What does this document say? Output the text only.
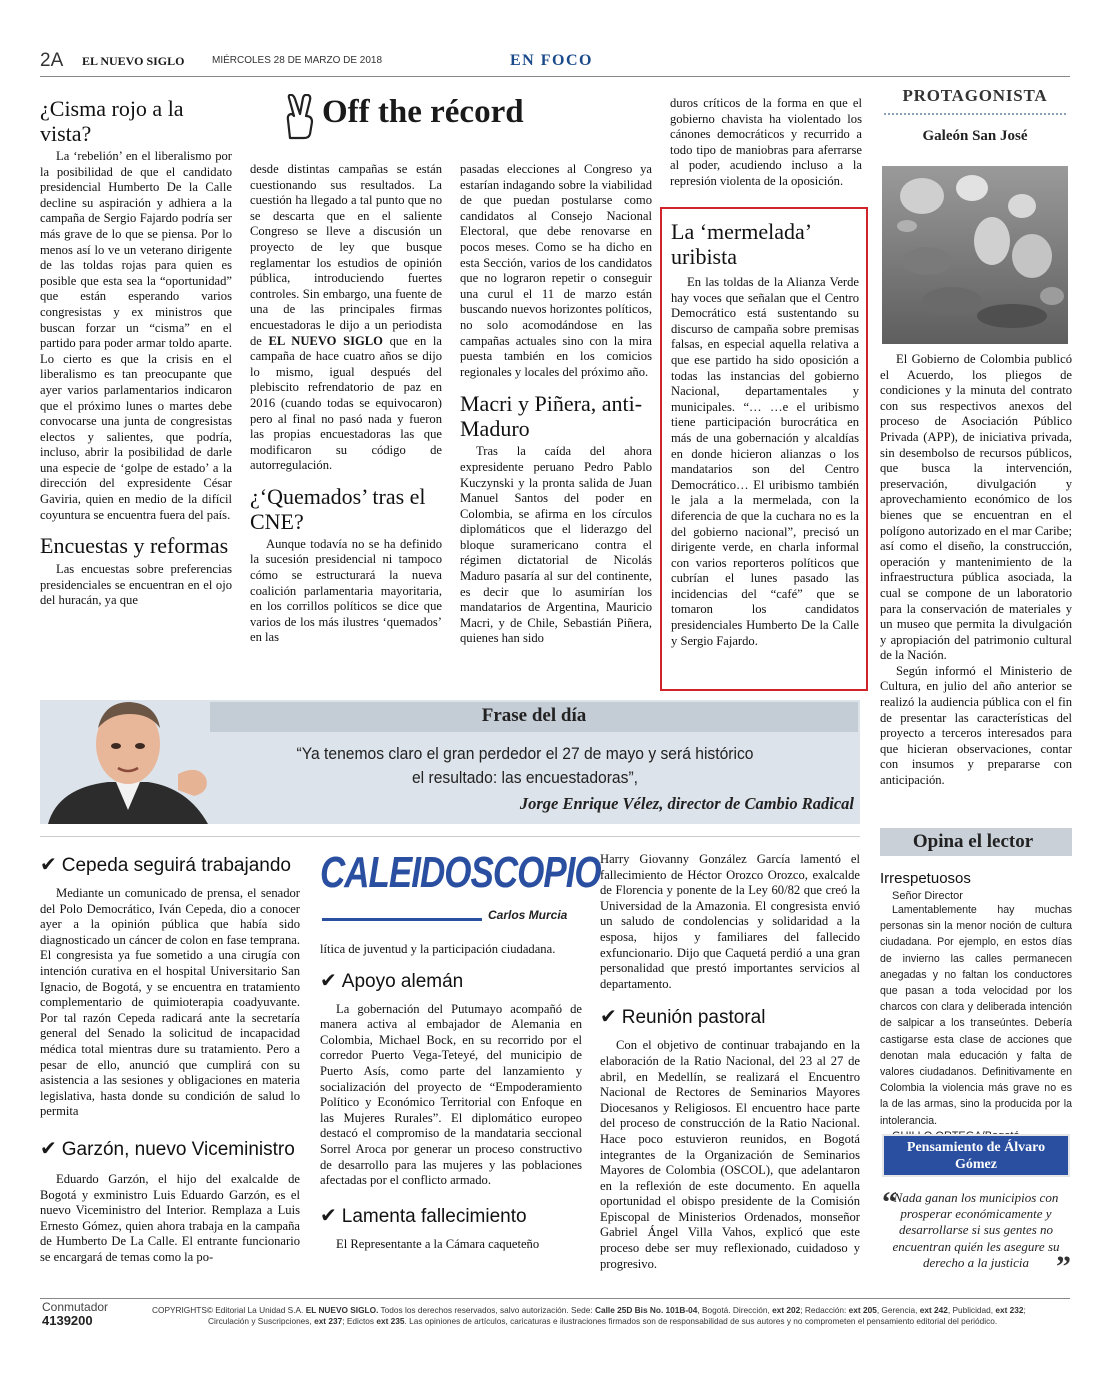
2A EL NUEVO SIGLO	MIÉRCOLES 28 DE MARZO DE 2018	EN FOCO
¿Cisma rojo a la vista?

La ‘rebelión’ en el liberalismo por la posibilidad de que el candidato presidencial Humberto De la Calle decline su aspiración y adhiera a la campaña de Sergio Fajardo podría ser más grave de lo que se piensa. Por lo menos así lo ve un veterano dirigente de las toldas rojas para quien es posible que esta sea la “oportunidad” que están esperando varios congresistas y ex ministros que buscan forzar un “cisma” en el partido para poder armar toldo aparte. Lo cierto es que la crisis en el liberalismo es tan preocupante que ayer varios parlamentarios indicaron que el próximo lunes o martes debe convocarse una junta de congresistas electos y salientes, que podría, incluso, abrir la posibilidad de darle una especie de ‘golpe de estado’ a la dirección del expresidente César Gaviria, quien en medio de la difícil coyuntura se encuentra fuera del país.

Encuestas y reformas

Las encuestas sobre preferencias presidenciales se encuentran en el ojo del huracán, ya que

Off the récord
desde distintas campañas se están cuestionando sus resultados. La cuestión ha llegado a tal punto que no se descarta que en el saliente Congreso se lleve a discusión un proyecto de ley que busque reglamentar los estudios de opinión pública, introduciendo fuertes controles. Sin embargo, una fuente de una de las principales firmas encuestadoras le dijo a un periodista de EL NUEVO SIGLO que en la campaña de hace cuatro años se dijo lo mismo, igual después del plebiscito refrendatorio de paz en 2016 (cuando todas se equivocaron) pero al final no pasó nada y fueron las propias encuestadoras las que modificaron su código de autorregulación.
¿‘Quemados’ tras el CNE?

Aunque todavía no se ha definido la sucesión presidencial ni tampoco cómo se estructurará la nueva coalición parlamentaria mayoritaria, en los corrillos políticos se dice que varios de los más ilustres ‘quemados’ en las

pasadas elecciones al Congreso ya estarían indagando sobre la viabilidad de que puedan postularse como candidatos al Consejo Nacional Electoral, que debe renovarse en pocos meses. Como se ha dicho en esta Sección, varios de los candidatos que no lograron repetir o conseguir una curul el 11 de marzo están buscando nuevos horizontes políticos, no solo acomodándose en las campañas actuales sino con la mira puesta también en los comicios regionales y locales del próximo año.
Macri y Piñera, anti-Maduro

Tras la caída del ahora expresidente peruano Pedro Pablo Kuczynski y la pronta salida de Juan Manuel Santos del poder en Colombia, se afirma en los círculos diplomáticos que el liderazgo del bloque suramericano contra el régimen dictatorial de Nicolás Maduro pasaría al sur del continente, es decir que lo asumirían los mandatarios de Argentina, Mauricio Macri, y de Chile, Sebastián Piñera, quienes han sido

duros críticos de la forma en que el gobierno chavista ha violentado los cánones democráticos y recurrido a todo tipo de maniobras para aferrarse al poder, acudiendo incluso a la represión violenta de la oposición.
La ‘mermelada’ uribista

En las toldas de la Alianza Verde hay voces que señalan que el Centro Democrático está sustentando su discurso de campaña sobre premisas falsas, en especial aquella relativa a que ese partido ha sido oposición a todas las instancias del gobierno Nacional, departamentales y municipales. “… …e el uribismo tiene participación burocrática en más de una gobernación y alcaldías en donde hicieron alianzas o los mandatarios son del Centro Democrático… El uribismo también le jala a la mermelada, con la diferencia de que la cuchara no es la del gobierno nacional”, precisó un dirigente verde, en charla informal con varios reporteros políticos que cubrían el lunes pasado las incidencias del “café” que se tomaron los candidatos presidenciales Humberto De la Calle y Sergio Fajardo.

PROTAGONISTA
Galeón San José

El Gobierno de Colombia publicó el Acuerdo, los pliegos de condiciones y la minuta del contrato con sus respectivos anexos del proceso de Asociación Público Privada (APP), de iniciativa privada, sin desembolso de recursos públicos, que busca la intervención, preservación, divulgación y aprovechamiento económico de los bienes que se encuentran en el polígono autorizado en el mar Caribe; así como el diseño, la construcción, operación y mantenimiento de la infraestructura pública asociada, la cual se compone de un laboratorio para la conservación de materiales y un museo que permita la divulgación y apropiación del patrimonio cultural de la Nación.

Según informó el Ministerio de Cultura, en julio del año anterior se realizó la audiencia pública con el fin de presentar las características del proyecto a terceros interesados para que hicieran observaciones, contar con insumos y prepararse con anticipación.

Frase del día
“Ya tenemos claro el gran perdedor el 27 de mayo y será histórico
el resultado: las encuestadoras”,
Jorge Enrique Vélez, director de Cambio Radical
Opina el lector
Irrespetuosos
Señor Director
Lamentablemente hay muchas personas sin la menor noción de cultura ciudadana. Por ejemplo, en estos días de invierno las calles permanecen anegadas y no faltan los conductores que pasan a toda velocidad por los charcos con clara y deliberada intención de salpicar a los transeúntes. Debería castigarse esta clase de acciones que denotan mala educación y falta de valores ciudadanos. Definitivamente en Colombia la violencia más grave no es la de las armas, sino la producida por la intolerancia.
Pensamiento de Álvaro Gómez
“
Nada ganan los municipios con prosperar económicamente y desarrollarse si sus gentes no encuentran quién les asegure su derecho a la justicia ”
✔ Cepeda seguirá trabajando

Mediante un comunicado de prensa, el senador del Polo Democrático, Iván Cepeda, dio a conocer ayer a la opinión pública que había sido diagnosticado un cáncer de colon en fase temprana. El congresista ya fue sometido a una cirugía con intención curativa en el hospital Universitario San Ignacio, de Bogotá, y se encuentra en tratamiento complementario de quimioterapia coadyuvante. Por tal razón Cepeda radicará ante la secretaría general del Senado la solicitud de incapacidad médica total mientras dure su tratamiento. Pero a pesar de ello, anunció que cumplirá con su asistencia a las sesiones y obligaciones en materia legislativa, hasta donde su condición de salud lo permita

✔ Garzón, nuevo Viceministro

Eduardo Garzón, el hijo del exalcalde de Bogotá y exministro Luis Eduardo Garzón, es el nuevo Viceministro del Interior. Remplaza a Luis Ernesto Gómez, quien ahora trabaja en la campaña de Humberto De La Calle. El entrante funcionario se encargará de temas como la po-

CALEIDOSCOPIO
Carlos Murcia
lítica de juventud y la participación ciudadana.
✔ Apoyo alemán

La gobernación del Putumayo acompañó de manera activa al embajador de Alemania en Colombia, Michael Bock, en su recorrido por el corredor Puerto Vega-Teteyé, del municipio de Puerto Asís, como parte del lanzamiento y socialización del proyecto de “Empoderamiento Político y Económico Territorial con Enfoque en las Mujeres Rurales”. El diplomático europeo destacó el compromiso de la mandataria seccional Sorrel Aroca por generar un proceso constructivo de desarrollo para las mujeres y las poblaciones afectadas por el conflicto armado.

✔ Lamenta fallecimiento

El Representante a la Cámara caqueteño

Harry Giovanny González García lamentó el fallecimiento de Héctor Orozco Orozco, exalcalde de Florencia y ponente de la Ley 60/82 que creó la Universidad de la Amazonia. El congresista envió un saludo de condolencias y solidaridad a la esposa, hijos y familiares del fallecido exfuncionario. Dijo que Caquetá perdió a una gran personalidad que prestó importantes servicios al departamento.
✔ Reunión pastoral

Con el objetivo de continuar trabajando en la elaboración de la Ratio Nacional, del 23 al 27 de abril, en Medellín, se realizará el Encuentro Nacional de Rectores de Seminarios Mayores Diocesanos y Religiosos. El encuentro hace parte del proceso de construcción de la Ratio Nacional. Hace poco estuvieron reunidos, en Bogotá integrantes de la Organización de Seminarios Mayores de Colombia (OSCOL), que adelantaron en la reflexión de este documento. En aquella oportunidad el obispo presidente de la Comisión Episcopal de Ministerios Ordenados, monseñor Gabriel Ángel Villa Vahos, explicó que este proceso debe ser muy reflexionado, cuidadoso y progresivo.

Conmutador
4139200
COPYRIGHTS© Editorial La Unidad S.A. EL NUEVO SIGLO. Todos los derechos reservados, salvo autorización. Sede: Calle 25D Bis No. 101B-04, Bogotá. Dirección, ext 202; Redacción: ext 205, Gerencia, ext 242, Publicidad, ext 232;
Circulación y Suscripciones, ext 237; Edictos ext 235. Las opiniones de artículos, caricaturas e ilustraciones firmados son de responsabilidad de sus autores y no comprometen el pensamiento editorial del periódico.
